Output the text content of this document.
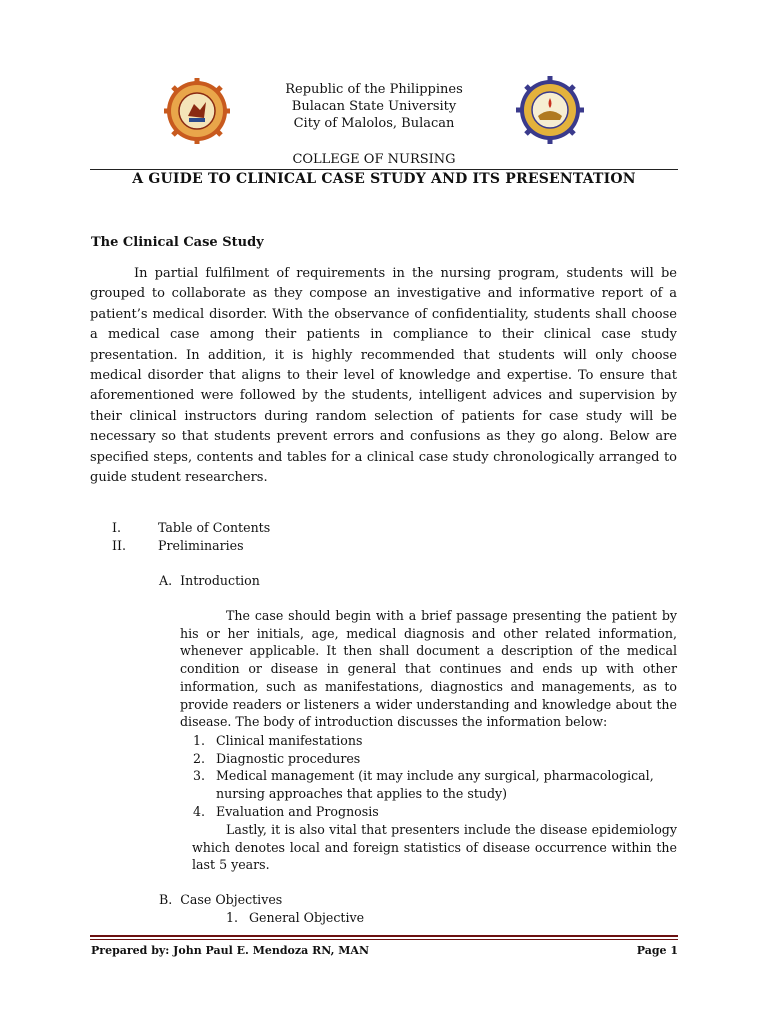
Republic of the Philippines
Bulacan State University
City of Malolos, Bulacan
COLLEGE OF NURSING
A GUIDE TO CLINICAL CASE STUDY AND ITS PRESENTATION
The Clinical Case Study
In partial fulfilment of requirements in the nursing program, students will be grouped to collaborate as they compose an investigative and informative report of a patient’s medical disorder. With the observance of confidentiality, students shall choose a medical case among their patients in compliance to their clinical case study presentation. In addition, it is highly recommended that students will only choose medical disorder that aligns to their level of knowledge and expertise. To ensure that aforementioned were followed by the students, intelligent advices and supervision by their clinical instructors during random selection of patients for case study will be necessary so that students prevent errors and confusions as they go along. Below are specified steps, contents and tables for a clinical case study chronologically arranged to guide student researchers.
I.	Table of Contents
II.	Preliminaries
A.  Introduction
The case should begin with a brief passage presenting the patient by his or her initials, age, medical diagnosis and other related information, whenever applicable. It then shall document a description of the medical condition or disease in general that continues and ends up with other information, such as manifestations, diagnostics and managements, as to provide readers or listeners a wider understanding and knowledge about the disease. The body of introduction discusses the information below:
1. Clinical manifestations
2. Diagnostic procedures
3. Medical management (it may include any surgical, pharmacological, nursing approaches that applies to the study)
4. Evaluation and Prognosis
Lastly, it is also vital that presenters include the disease epidemiology which denotes local and foreign statistics of disease occurrence within the last 5 years.
B.  Case Objectives
1. General Objective
Prepared by: John Paul E. Mendoza RN, MAN	Page 1
